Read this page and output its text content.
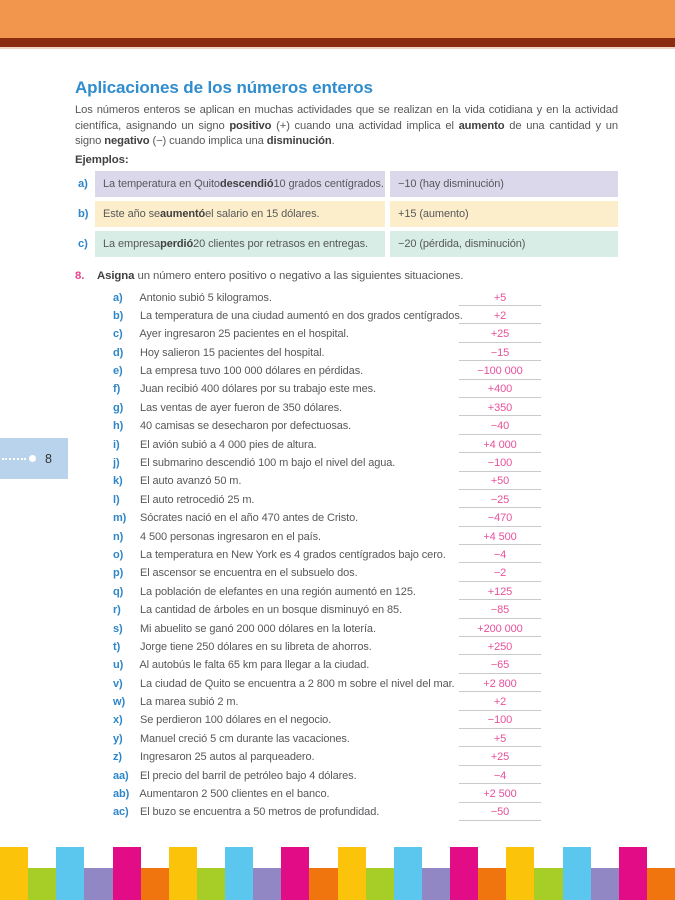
Aplicaciones de los números enteros

Los números enteros se aplican en muchas actividades que se realizan en la vida cotidiana y en la actividad científica, asignando un signo positivo (+) cuando una actividad implica el aumento de una cantidad y un signo negativo (−) cuando implica una disminución.

Ejemplos:
a)	La temperatura en Quito descendió 10 grados centígrados.	−10 (hay disminución)
b)	Este año se aumentó el salario en 15 dólares.	+15 (aumento)
c)	La empresa perdió 20 clientes por retrasos en entregas.	−20 (pérdida, disminución)
8.	Asigna un número entero positivo o negativo a las siguientes situaciones.
a) Antonio subió 5 kilogramos.	+5
b) La temperatura de una ciudad aumentó en dos grados centígrados.	+2
c) Ayer ingresaron 25 pacientes en el hospital.	+25
d) Hoy salieron 15 pacientes del hospital.	−15
e) La empresa tuvo 100 000 dólares en pérdidas.	−100 000
f) Juan recibió 400 dólares por su trabajo este mes.	+400
g) Las ventas de ayer fueron de 350 dólares.	+350
h) 40 camisas se desecharon por defectuosas.	−40
i) El avión subió a 4 000 pies de altura.	+4 000
j) El submarino descendió 100 m bajo el nivel del agua.	−100
k) El auto avanzó 50 m.	+50
l) El auto retrocedió 25 m.	−25
m) Sócrates nació en el año 470 antes de Cristo.	−470
n) 4 500 personas ingresaron en el país.	+4 500
o) La temperatura en New York es 4 grados centígrados bajo cero.	−4
p) El ascensor se encuentra en el subsuelo dos.	−2
q) La población de elefantes en una región aumentó en 125.	+125
r) La cantidad de árboles en un bosque disminuyó en 85.	−85
s) Mi abuelito se ganó 200 000 dólares en la lotería.	+200 000
t) Jorge tiene 250 dólares en su libreta de ahorros.	+250
u) Al autobús le falta 65 km para llegar a la ciudad.	−65
v) La ciudad de Quito se encuentra a 2 800 m sobre el nivel del mar.	+2 800
w) La marea subió 2 m.	+2
x) Se perdieron 100 dólares en el negocio.	−100
y) Manuel creció 5 cm durante las vacaciones.	+5
z) Ingresaron 25 autos al parqueadero.	+25
aa) El precio del barril de petróleo bajo 4 dólares.	−4
ab) Aumentaron 2 500 clientes en el banco.	+2 500
ac) El buzo se encuentra a 50 metros de profundidad.	−50
8
